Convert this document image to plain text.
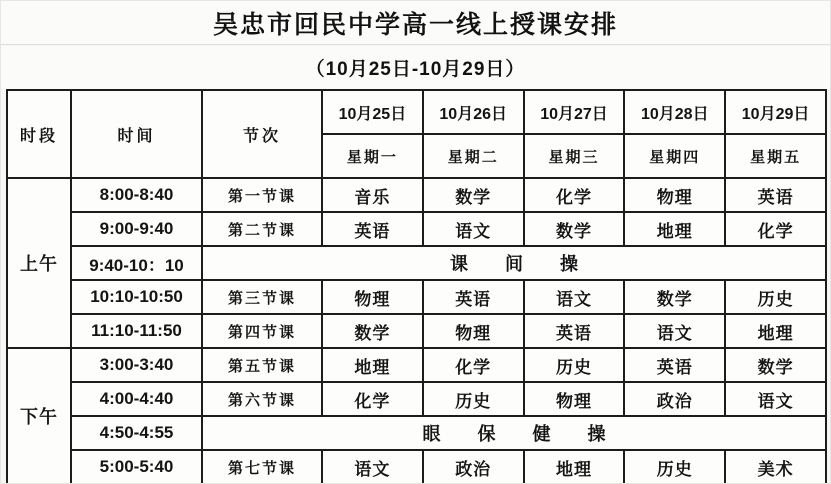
吴忠市回民中学高一线上授课安排
（10月25日-10月29日）
时段	时间	节次	10月25日	10月26日	10月27日	10月28日	10月29日
			星期一	星期二	星期三	星期四	星期五
上午	8:00-8:40	第一节课	音乐	数学	化学	物理	英语
	9:00-9:40	第二节课	英语	语文	数学	地理	化学
	9:40-10：10	课 间 操					
	10:10-10:50	第三节课	物理	英语	语文	数学	历史
	11:10-11:50	第四节课	数学	物理	英语	语文	地理
下午	3:00-3:40	第五节课	地理	化学	历史	英语	数学
	4:00-4:40	第六节课	化学	历史	物理	政治	语文
	4:50-4:55	眼 保 健 操					
	5:00-5:40	第七节课	语文	政治	地理	历史	美术
